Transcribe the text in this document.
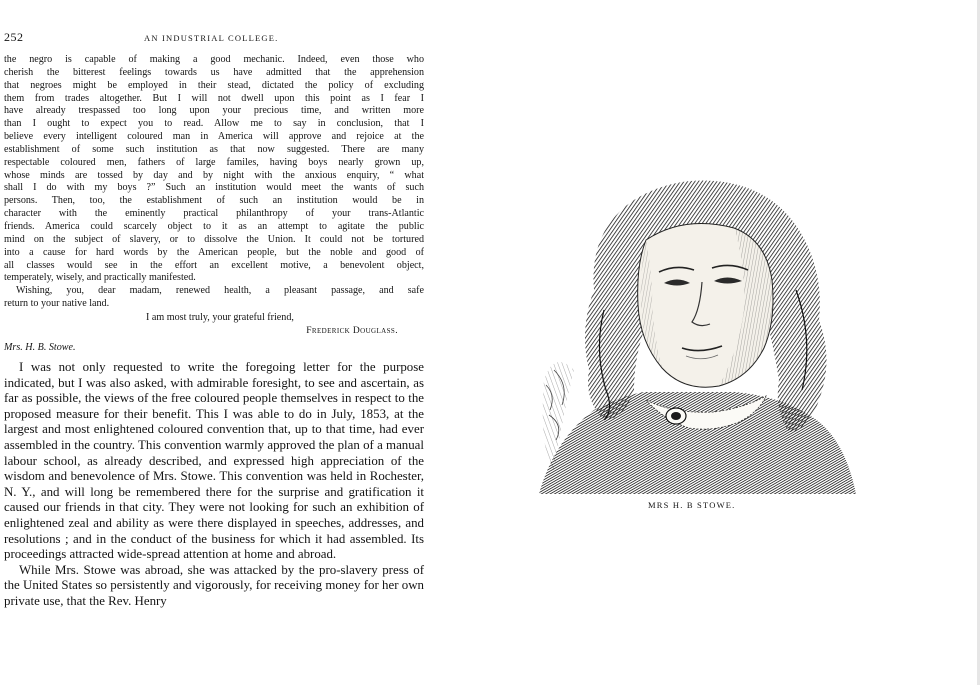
252	AN INDUSTRIAL COLLEGE.

the negro is capable of making a good mechanic. Indeed, even those who

cherish the bitterest feelings towards us have admitted that the apprehension

that negroes might be employed in their stead, dictated the policy of excluding

them from trades altogether. But I will not dwell upon this point as I fear I

have already trespassed too long upon your precious time, and written more

than I ought to expect you to read. Allow me to say in conclusion, that I

believe every intelligent coloured man in America will approve and rejoice at the

establishment of some such institution as that now suggested. There are many

respectable coloured men, fathers of large familes, having boys nearly grown up,

whose minds are tossed by day and by night with the anxious enquiry, “ what

shall I do with my boys ?” Such an institution would meet the wants of such

persons. Then, too, the establishment of such an institution would be in

character with the eminently practical philanthropy of your trans-Atlantic

friends. America could scarcely object to it as an attempt to agitate the public

mind on the subject of slavery, or to dissolve the Union. It could not be tortured

into a cause for hard words by the American people, but the noble and good of

all classes would see in the effort an excellent motive, a benevolent object,

temperately, wisely, and practically manifested.

Wishing, you, dear madam, renewed health, a pleasant passage, and safe

return to your native land.

I am most truly, your grateful friend,
Frederick Douglass.
Mrs. H. B. Stowe.

I was not only requested to write the foregoing letter for the purpose indicated, but I was also asked, with admirable foresight, to see and ascertain, as far as possible, the views of the free coloured people themselves in respect to the proposed measure for their benefit. This I was able to do in July, 1853, at the largest and most enlightened coloured convention that, up to that time, had ever assembled in the country. This convention warmly approved the plan of a manual labour school, as already described, and expressed high appreciation of the wisdom and benevolence of Mrs. Stowe. This convention was held in Rochester, N. Y., and will long be remembered there for the surprise and gratification it caused our friends in that city. They were not looking for such an exhibition of enlightened zeal and ability as were there displayed in speeches, addresses, and resolutions ; and in the conduct of the business for which it had assembled. Its proceedings attracted wide-spread attention at home and abroad.

While Mrs. Stowe was abroad, she was attacked by the pro-slavery press of the United States so persistently and vigorously, for receiving money for her own private use, that the Rev. Henry

MRS H. B STOWE.
